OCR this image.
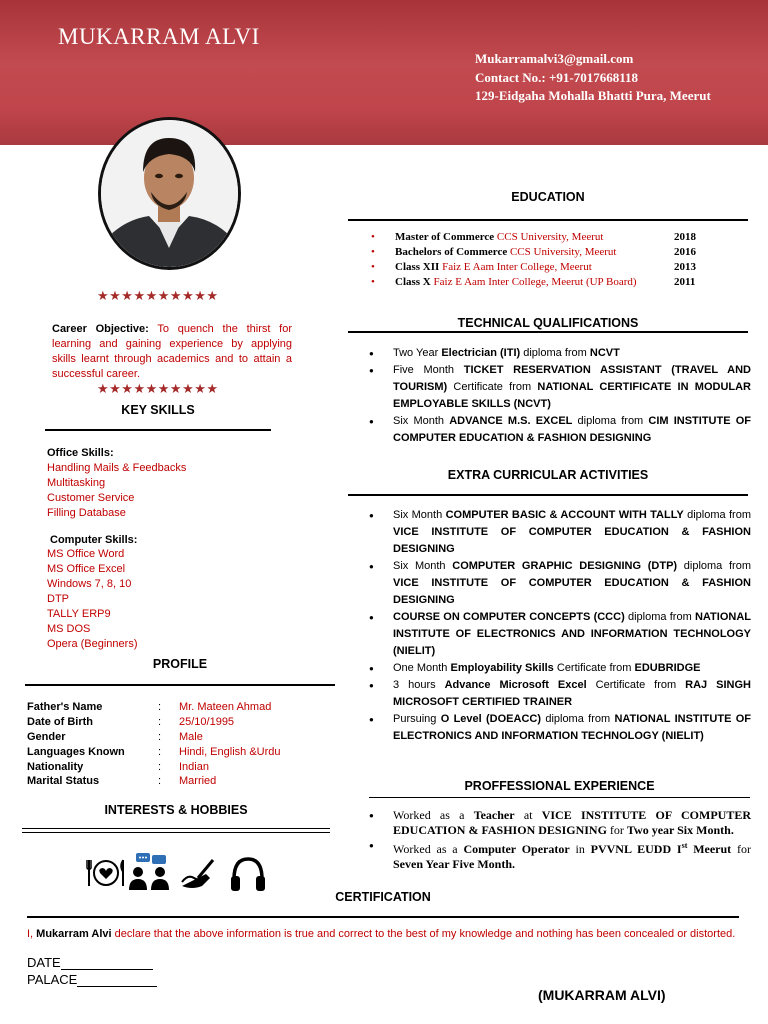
MUKARRAM ALVI
Mukarramalvi3@gmail.com
Contact No.: +91-7017668118
129-Eidgaha Mohalla Bhatti Pura, Meerut
★★★★★★★★★★
Career Objective: To quench the thirst for learning and gaining experience by applying skills learnt through academics and to attain a successful career.
★★★★★★★★★★
KEY SKILLS
Office Skills:
Handling Mails & Feedbacks
Multitasking
Customer Service
Filling Database
Computer Skills:
MS Office Word
MS Office Excel
Windows 7, 8, 10
DTP
TALLY ERP9
MS DOS
Opera (Beginners)
PROFILE
Father's Name	: Mr. Mateen Ahmad
Date of Birth	: 25/10/1995
Gender	: Male
Languages Known	: Hindi, English &Urdu
Nationality	: Indian
Marital Status	: Married
INTERESTS & HOBBIES
EDUCATION
• Master of Commerce CCS University, Meerut	2018
• Bachelors of Commerce CCS University, Meerut	2016
• Class XII Faiz E Aam Inter College, Meerut	2013
• Class X Faiz E Aam Inter College, Meerut (UP Board)	2011
TECHNICAL QUALIFICATIONS
● Two Year Electrician (ITI) diploma from NCVT
● Five Month TICKET RESERVATION ASSISTANT (TRAVEL AND TOURISM) Certificate from NATIONAL CERTIFICATE IN MODULAR EMPLOYABLE SKILLS (NCVT)
● Six Month ADVANCE M.S. EXCEL diploma from CIM INSTITUTE OF COMPUTER EDUCATION & FASHION DESIGNING
EXTRA CURRICULAR ACTIVITIES
● Six Month COMPUTER BASIC & ACCOUNT WITH TALLY diploma from VICE INSTITUTE OF COMPUTER EDUCATION & FASHION DESIGNING
● Six Month COMPUTER GRAPHIC DESIGNING (DTP) diploma from VICE INSTITUTE OF COMPUTER EDUCATION & FASHION DESIGNING
● COURSE ON COMPUTER CONCEPTS (CCC) diploma from NATIONAL INSTITUTE OF ELECTRONICS AND INFORMATION TECHNOLOGY (NIELIT)
● One Month Employability Skills Certificate from EDUBRIDGE
● 3 hours Advance Microsoft Excel Certificate from RAJ SINGH MICROSOFT CERTIFIED TRAINER
● Pursuing O Level (DOEACC) diploma from NATIONAL INSTITUTE OF ELECTRONICS AND INFORMATION TECHNOLOGY (NIELIT)
PROFFESSIONAL EXPERIENCE
● Worked as a Teacher at VICE INSTITUTE OF COMPUTER EDUCATION & FASHION DESIGNING for Two year Six Month.
● Worked as a Computer Operator in PVVNL EUDD Ist Meerut for Seven Year Five Month.
CERTIFICATION
I, Mukarram Alvi declare that the above information is true and correct to the best of my knowledge and nothing has been concealed or distorted.
DATE
PALACE
(MUKARRAM ALVI)
